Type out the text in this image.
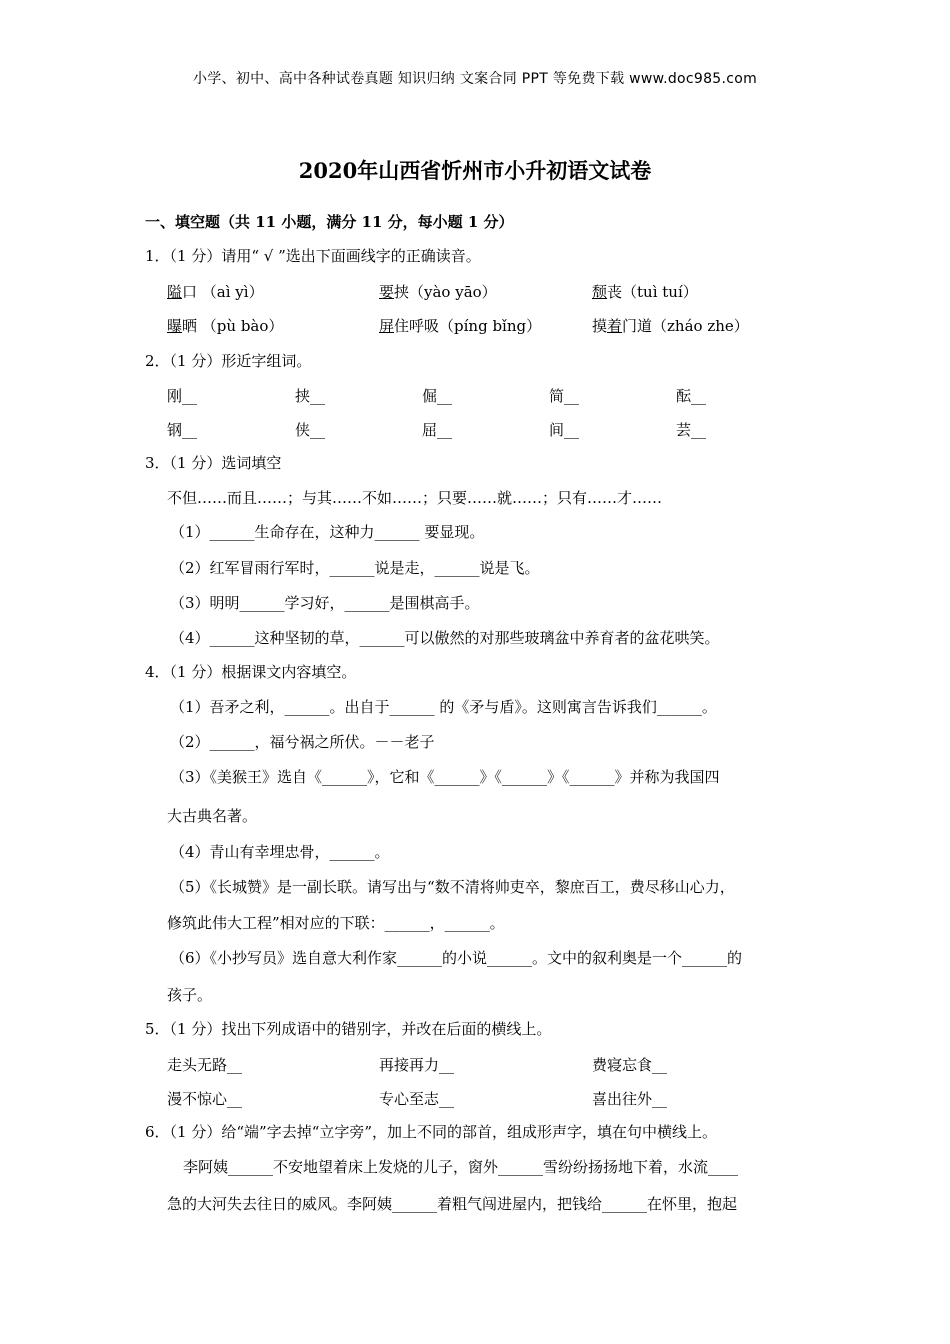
小学、初中、高中各种试卷真题 知识归纳 文案合同 PPT 等免费下载 www.doc985.com
2020年山西省忻州市小升初语文试卷
一、填空题（共 11 小题，满分 11 分，每小题 1 分）
1．（1 分）请用“ √ ”选出下面画线字的正确读音。
隘口 （aì yì）	要挟（yào yāo）	颓丧（tuì tuí）
曝晒 （pù bào）	屏住呼吸（píng bǐng）	摸着门道（zháo zhe）
2．（1 分）形近字组词。
刚__	挟__	倔__	简__	酝__
钢__	侠__	屈__	间__	芸__
3．（1 分）选词填空
不但……而且……；与其……不如……；只要……就……；只有……才……
（1）______生命存在，这种力______ 要显现。
（2）红军冒雨行军时，______说是走，______说是飞。
（3）明明______学习好，______是围棋高手。
（4）______这种坚韧的草，______可以傲然的对那些玻璃盆中养育者的盆花哄笑。
4．（1 分）根据课文内容填空。
（1）吾矛之利，______。出自于______ 的《矛与盾》。这则寓言告诉我们______。
（2）______，福兮祸之所伏。－－老子
（3）《美猴王》选自《______》，它和《______》《______》《______》并称为我国四
大古典名著。
（4）青山有幸埋忠骨，______。
（5）《长城赞》是一副长联。请写出与“数不清将帅吏卒，黎庶百工，费尽移山心力，
修筑此伟大工程”相对应的下联：______，______。
（6）《小抄写员》选自意大利作家______的小说______。文中的叙利奥是一个______的
孩子。
5．（1 分）找出下列成语中的错别字，并改在后面的横线上。
走头无路__	再接再力__	费寝忘食__
漫不惊心__	专心至志__	喜出往外__
6．（1 分）给“端”字去掉“立字旁”，加上不同的部首，组成形声字，填在句中横线上。
李阿姨______不安地望着床上发烧的儿子，窗外______雪纷纷扬扬地下着，水流____
急的大河失去往日的威风。李阿姨______着粗气闯进屋内，把钱给______在怀里，抱起
